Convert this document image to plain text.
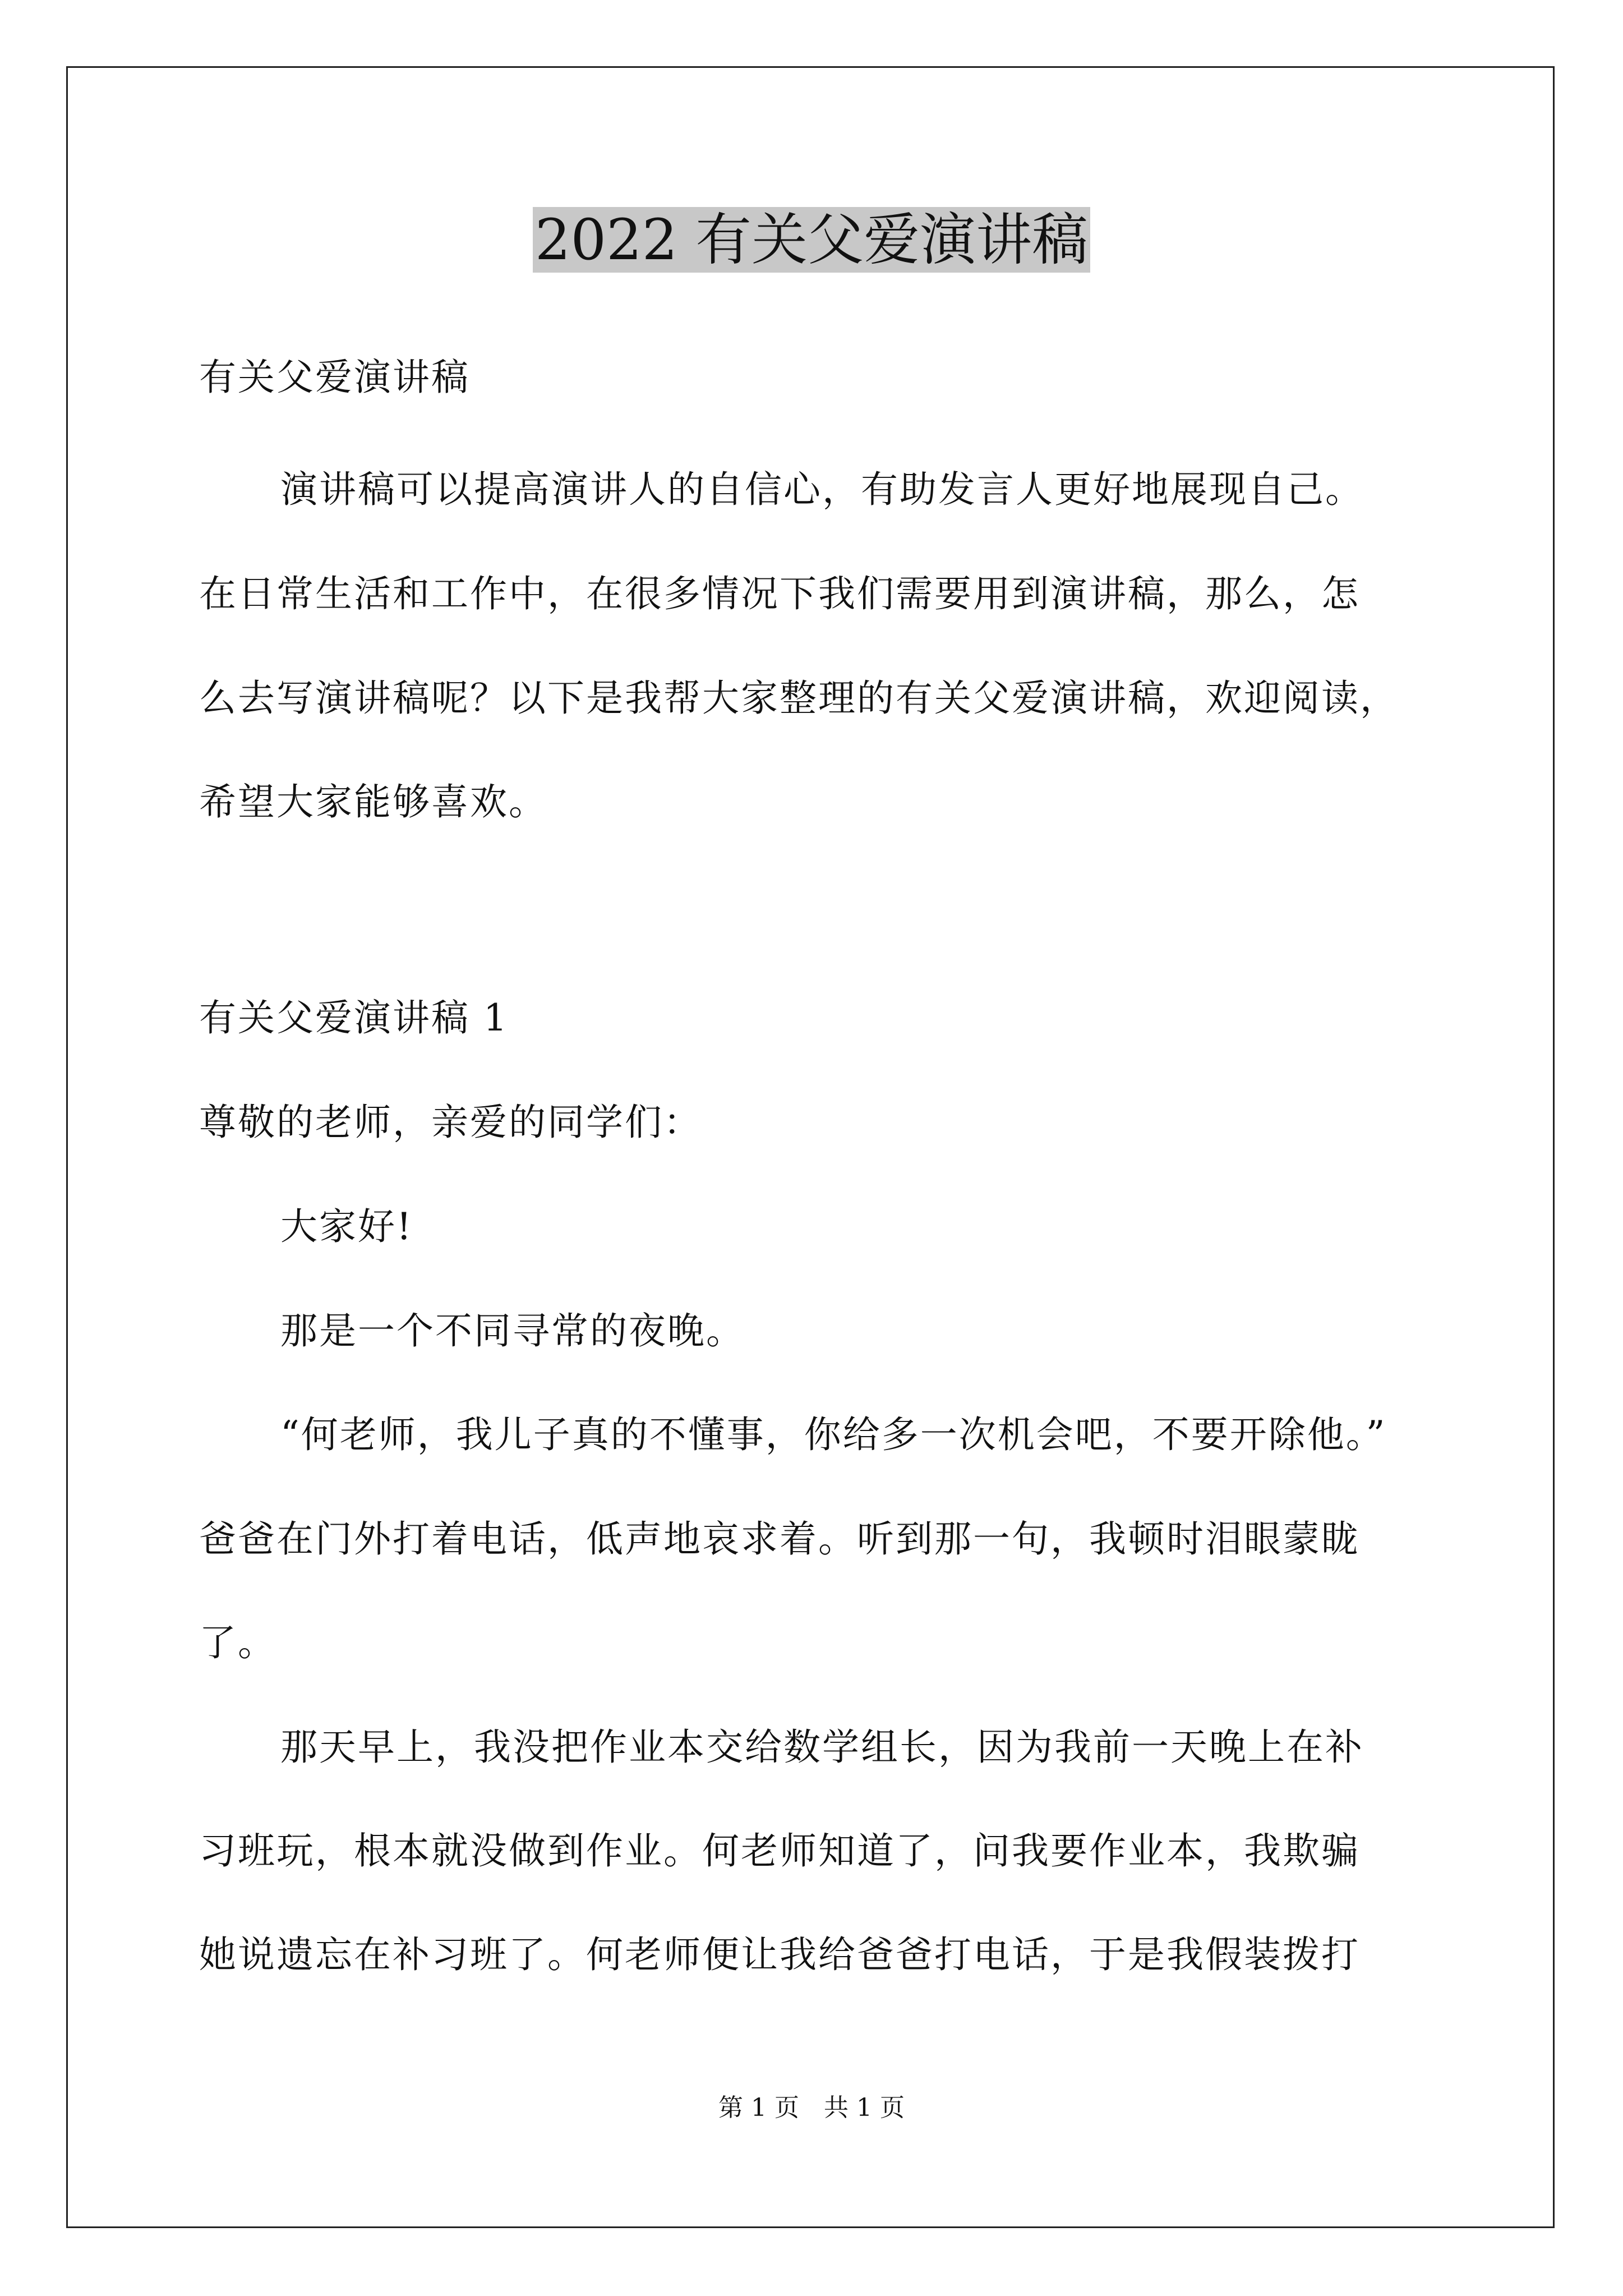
2022 有关父爱演讲稿
有关父爱演讲稿
演讲稿可以提高演讲人的自信心，有助发言人更好地展现自己。
在日常生活和工作中，在很多情况下我们需要用到演讲稿，那么，怎
么去写演讲稿呢？以下是我帮大家整理的有关父爱演讲稿，欢迎阅读，
希望大家能够喜欢。
有关父爱演讲稿 1
尊敬的老师，亲爱的同学们：
大家好!
那是一个不同寻常的夜晚。
“何老师，我儿子真的不懂事，你给多一次机会吧，不要开除他。”
爸爸在门外打着电话，低声地哀求着。听到那一句，我顿时泪眼蒙眬
了。
那天早上，我没把作业本交给数学组长，因为我前一天晚上在补
习班玩，根本就没做到作业。何老师知道了，问我要作业本，我欺骗
她说遗忘在补习班了。何老师便让我给爸爸打电话，于是我假装拨打
第 1 页　共 1 页
